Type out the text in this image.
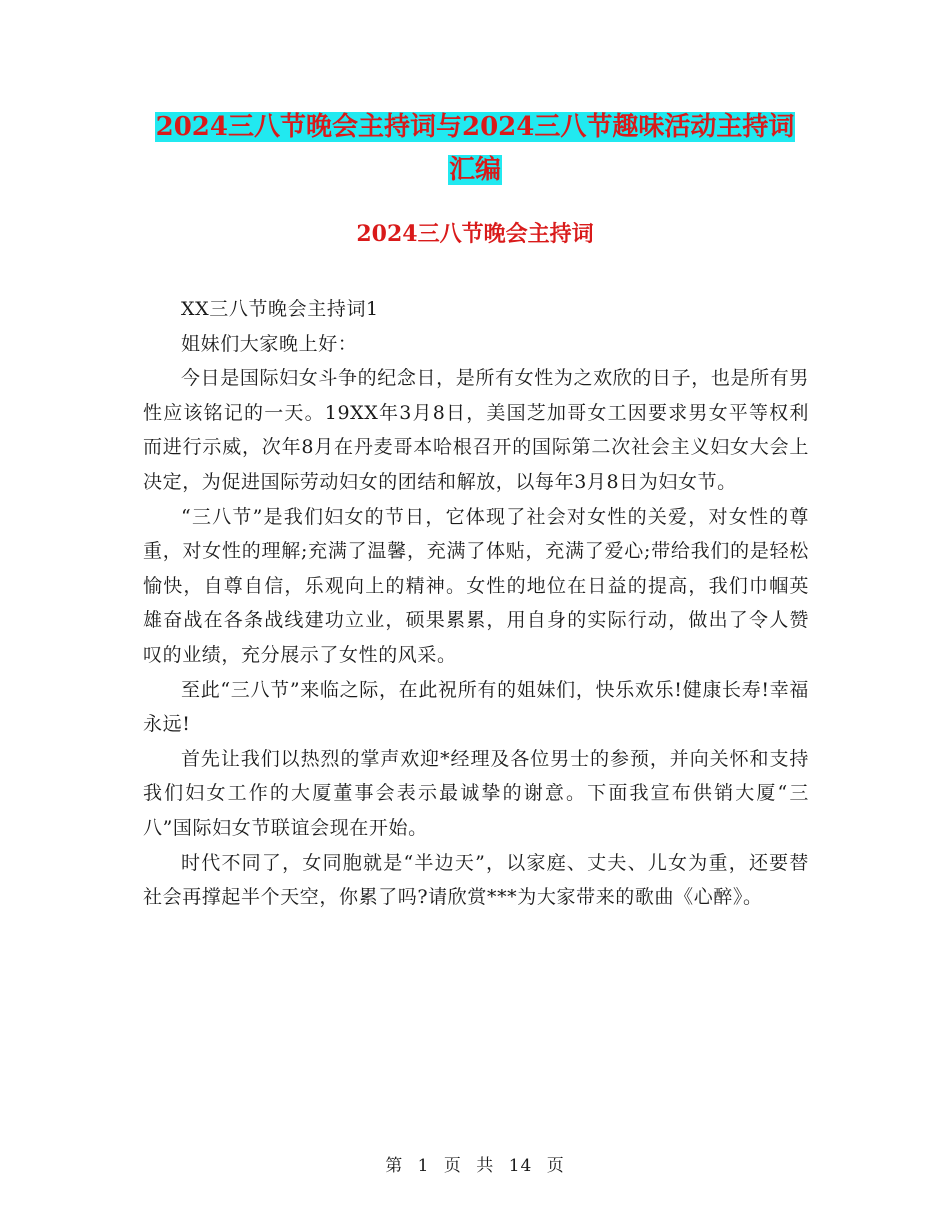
2024三八节晚会主持词与2024三八节趣味活动主持词
汇编
2024三八节晚会主持词

XX三八节晚会主持词1

姐妹们大家晚上好：

今日是国际妇女斗争的纪念日，是所有女性为之欢欣的日子，也是所有男性应该铭记的一天。19XX年3月8日，美国芝加哥女工因要求男女平等权利而进行示威，次年8月在丹麦哥本哈根召开的国际第二次社会主义妇女大会上决定，为促进国际劳动妇女的团结和解放，以每年3月8日为妇女节。

“三八节”是我们妇女的节日，它体现了社会对女性的关爱，对女性的尊重，对女性的理解;充满了温馨，充满了体贴，充满了爱心;带给我们的是轻松愉快，自尊自信，乐观向上的精神。女性的地位在日益的提高，我们巾帼英雄奋战在各条战线建功立业，硕果累累，用自身的实际行动，做出了令人赞叹的业绩，充分展示了女性的风采。

至此“三八节”来临之际，在此祝所有的姐妹们，快乐欢乐!健康长寿!幸福永远!

首先让我们以热烈的掌声欢迎*经理及各位男士的参预，并向关怀和支持我们妇女工作的大厦董事会表示最诚挚的谢意。下面我宣布供销大厦“三八”国际妇女节联谊会现在开始。

时代不同了，女同胞就是“半边天”，以家庭、丈夫、儿女为重，还要替社会再撑起半个天空，你累了吗?请欣赏***为大家带来的歌曲《心醉》。

第 1 页 共 14 页
